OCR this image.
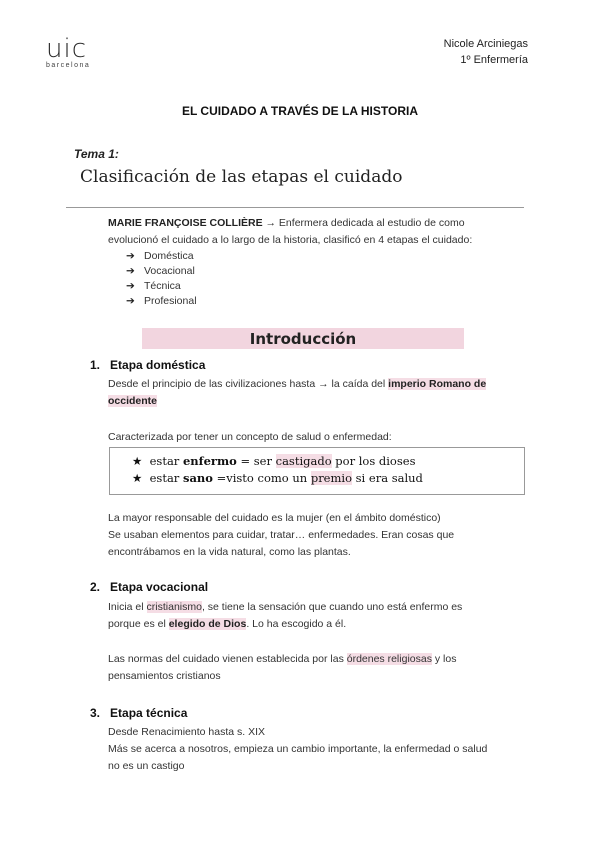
uic
barcelona
Nicole Arciniegas
1º Enfermería
EL CUIDADO A TRAVÉS DE LA HISTORIA
Tema 1:
Clasificación de las etapas el cuidado
MARIE FRANÇOISE COLLIÈRE → Enfermera dedicada al estudio de como
evolucionó el cuidado a lo largo de la historia, clasificó en 4 etapas el cuidado:
➔ Doméstica
➔ Vocacional
➔ Técnica
➔ Profesional
Introducción
1. Etapa doméstica
Desde el principio de las civilizaciones hasta → la caída del imperio Romano de
occidente
Caracterizada por tener un concepto de salud o enfermedad:
★ estar enfermo = ser castigado por los dioses
★ estar sano =visto como un premio si era salud
La mayor responsable del cuidado es la mujer (en el ámbito doméstico)
Se usaban elementos para cuidar, tratar… enfermedades. Eran cosas que
encontrábamos en la vida natural, como las plantas.
2. Etapa vocacional
Inicia el cristianismo, se tiene la sensación que cuando uno está enfermo es
porque es el elegido de Dios. Lo ha escogido a él.
Las normas del cuidado vienen establecida por las órdenes religiosas y los
pensamientos cristianos
3. Etapa técnica
Desde Renacimiento hasta s. XIX
Más se acerca a nosotros, empieza un cambio importante, la enfermedad o salud
no es un castigo
